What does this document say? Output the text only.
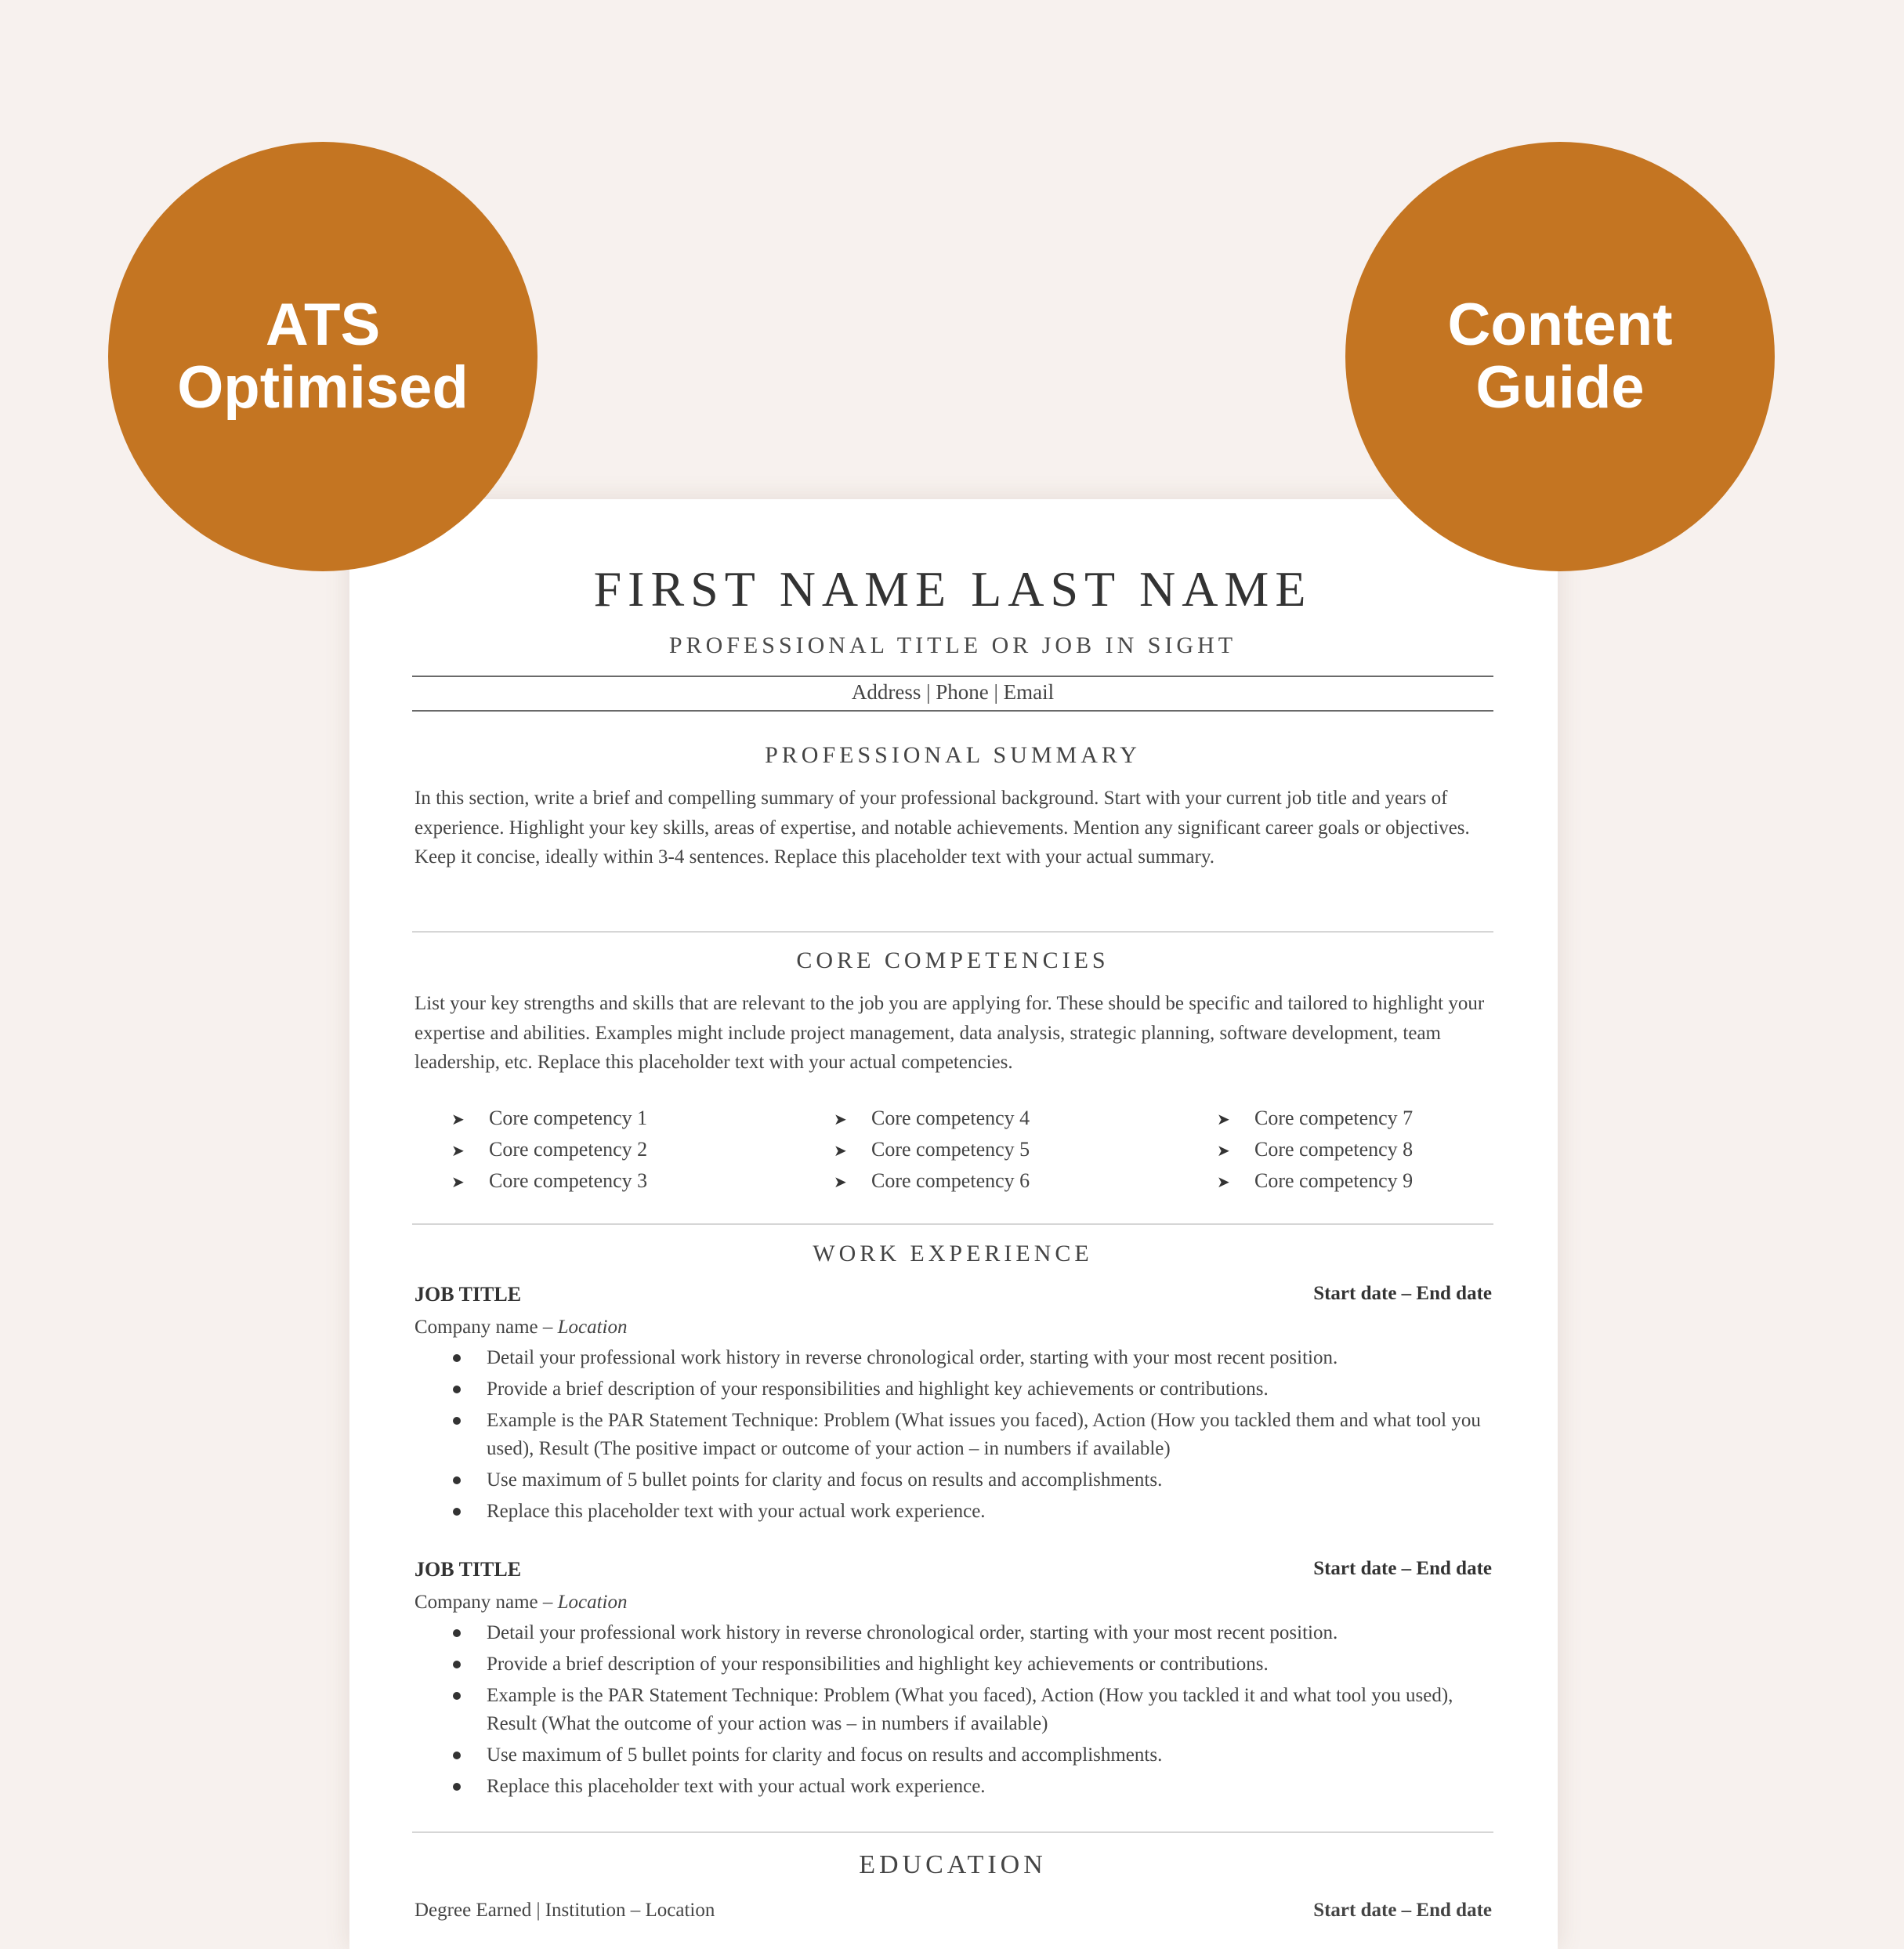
ATS
Optimised
Content
Guide
FIRST NAME LAST NAME
PROFESSIONAL TITLE OR JOB IN SIGHT
Address | Phone | Email
PROFESSIONAL SUMMARY

In this section, write a brief and compelling summary of your professional background. Start with your current job title and years of experience. Highlight your key skills, areas of expertise, and notable achievements. Mention any significant career goals or objectives. Keep it concise, ideally within 3-4 sentences. Replace this placeholder text with your actual summary.

CORE COMPETENCIES

List your key strengths and skills that are relevant to the job you are applying for. These should be specific and tailored to highlight your expertise and abilities. Examples might include project management, data analysis, strategic planning, software development, team leadership, etc. Replace this placeholder text with your actual competencies.

➤ Core competency 1
➤ Core competency 2
➤ Core competency 3
➤ Core competency 4
➤ Core competency 5
➤ Core competency 6
➤ Core competency 7
➤ Core competency 8
➤ Core competency 9
WORK EXPERIENCE
JOB TITLE	Start date – End date
Company name – Location
Detail your professional work history in reverse chronological order, starting with your most recent position.
Provide a brief description of your responsibilities and highlight key achievements or contributions.
Example is the PAR Statement Technique: Problem (What issues you faced), Action (How you tackled them and what tool you used), Result (The positive impact or outcome of your action – in numbers if available)
Use maximum of 5 bullet points for clarity and focus on results and accomplishments.
Replace this placeholder text with your actual work experience.
JOB TITLE	Start date – End date
Company name – Location
Detail your professional work history in reverse chronological order, starting with your most recent position.
Provide a brief description of your responsibilities and highlight key achievements or contributions.
Example is the PAR Statement Technique: Problem (What you faced), Action (How you tackled it and what tool you used), Result (What the outcome of your action was – in numbers if available)
Use maximum of 5 bullet points for clarity and focus on results and accomplishments.
Replace this placeholder text with your actual work experience.
EDUCATION
Degree Earned | Institution – Location	Start date – End date
